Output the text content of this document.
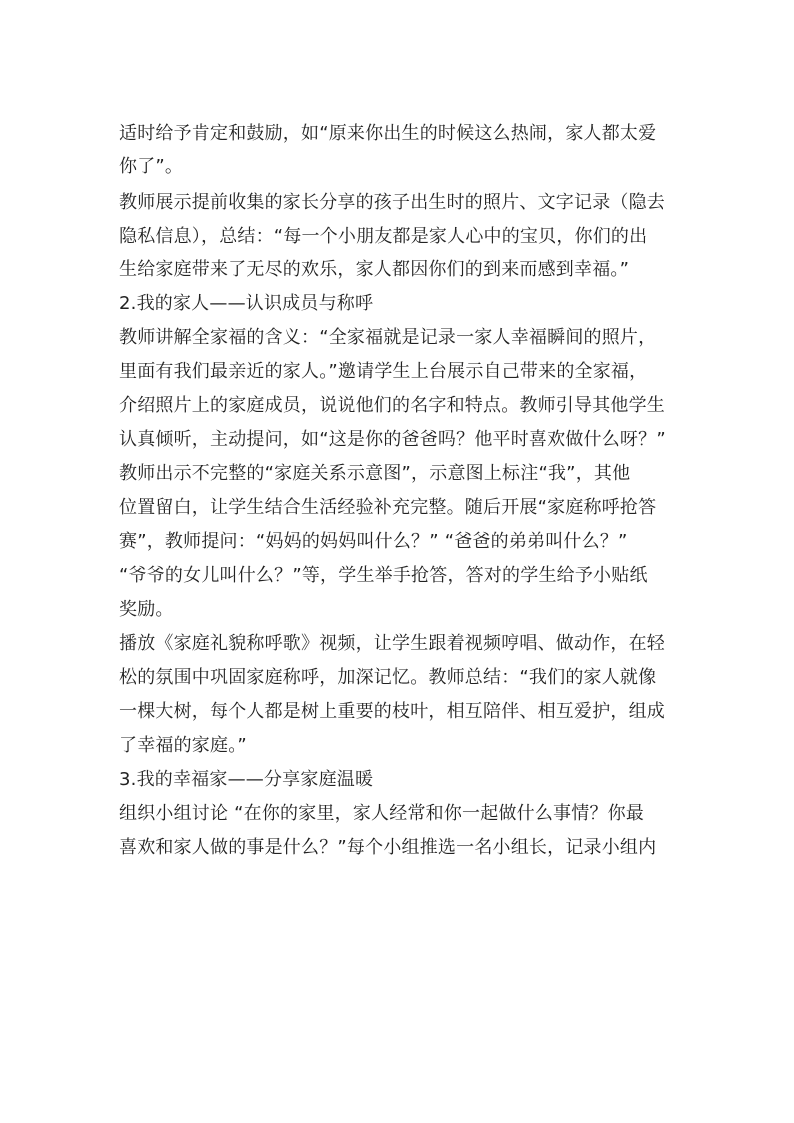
适时给予肯定和鼓励，如“原来你出生的时候这么热闹，家人都太爱
你了”。
教师展示提前收集的家长分享的孩子出生时的照片、文字记录（隐去
隐私信息），总结：“每一个小朋友都是家人心中的宝贝，你们的出
生给家庭带来了无尽的欢乐，家人都因你们的到来而感到幸福。”
2.我的家人——认识成员与称呼
教师讲解全家福的含义：“全家福就是记录一家人幸福瞬间的照片，
里面有我们最亲近的家人。”邀请学生上台展示自己带来的全家福，
介绍照片上的家庭成员，说说他们的名字和特点。教师引导其他学生
认真倾听，主动提问，如“这是你的爸爸吗？他平时喜欢做什么呀？”
教师出示不完整的“家庭关系示意图”，示意图上标注“我”，其他
位置留白，让学生结合生活经验补充完整。随后开展“家庭称呼抢答
赛”，教师提问：“妈妈的妈妈叫什么？” “爸爸的弟弟叫什么？”
“爷爷的女儿叫什么？”等，学生举手抢答，答对的学生给予小贴纸
奖励。
播放《家庭礼貌称呼歌》视频，让学生跟着视频哼唱、做动作，在轻
松的氛围中巩固家庭称呼，加深记忆。教师总结：“我们的家人就像
一棵大树，每个人都是树上重要的枝叶，相互陪伴、相互爱护，组成
了幸福的家庭。”
3.我的幸福家——分享家庭温暖
组织小组讨论 “在你的家里，家人经常和你一起做什么事情？你最
喜欢和家人做的事是什么？”每个小组推选一名小组长，记录小组内
